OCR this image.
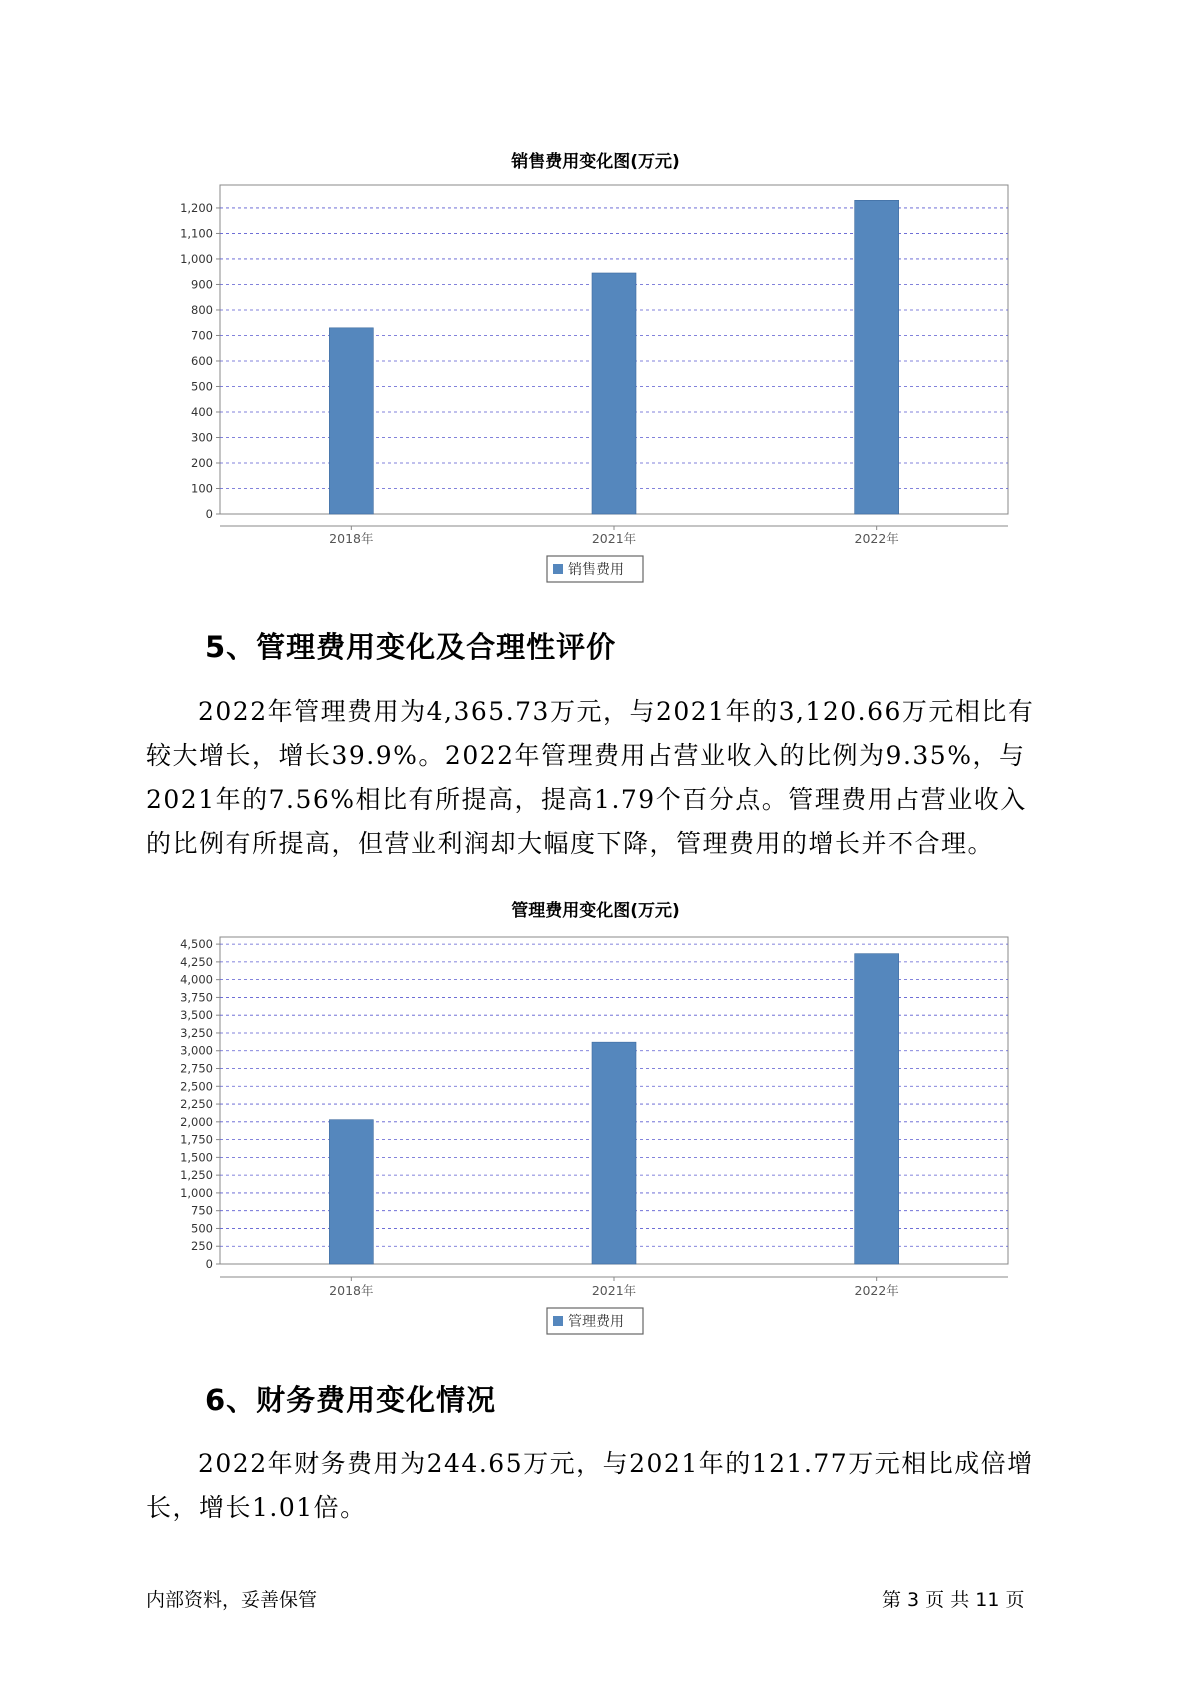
销售费用变化图(万元)
0
100
200
300
400
500
600
700
800
900
1,000
1,100
1,200
2018年	2021年	2022年
销售费用
5、管理费用变化及合理性评价

2022年管理费用为4,365.73万元，与2021年的3,120.66万元相比有较大增长，增长39.9%。2022年管理费用占营业收入的比例为9.35%，与2021年的7.56%相比有所提高，提高1.79个百分点。管理费用占营业收入的比例有所提高，但营业利润却大幅度下降，管理费用的增长并不合理。

管理费用变化图(万元)
0
250
500
750
1,000
1,250
1,500
1,750
2,000
2,250
2,500
2,750
3,000
3,250
3,500
3,750
4,000
4,250
4,500
2018年	2021年	2022年
管理费用
6、财务费用变化情况

2022年财务费用为244.65万元，与2021年的121.77万元相比成倍增长，增长1.01倍。

内部资料，妥善保管	第 3 页 共 11 页
